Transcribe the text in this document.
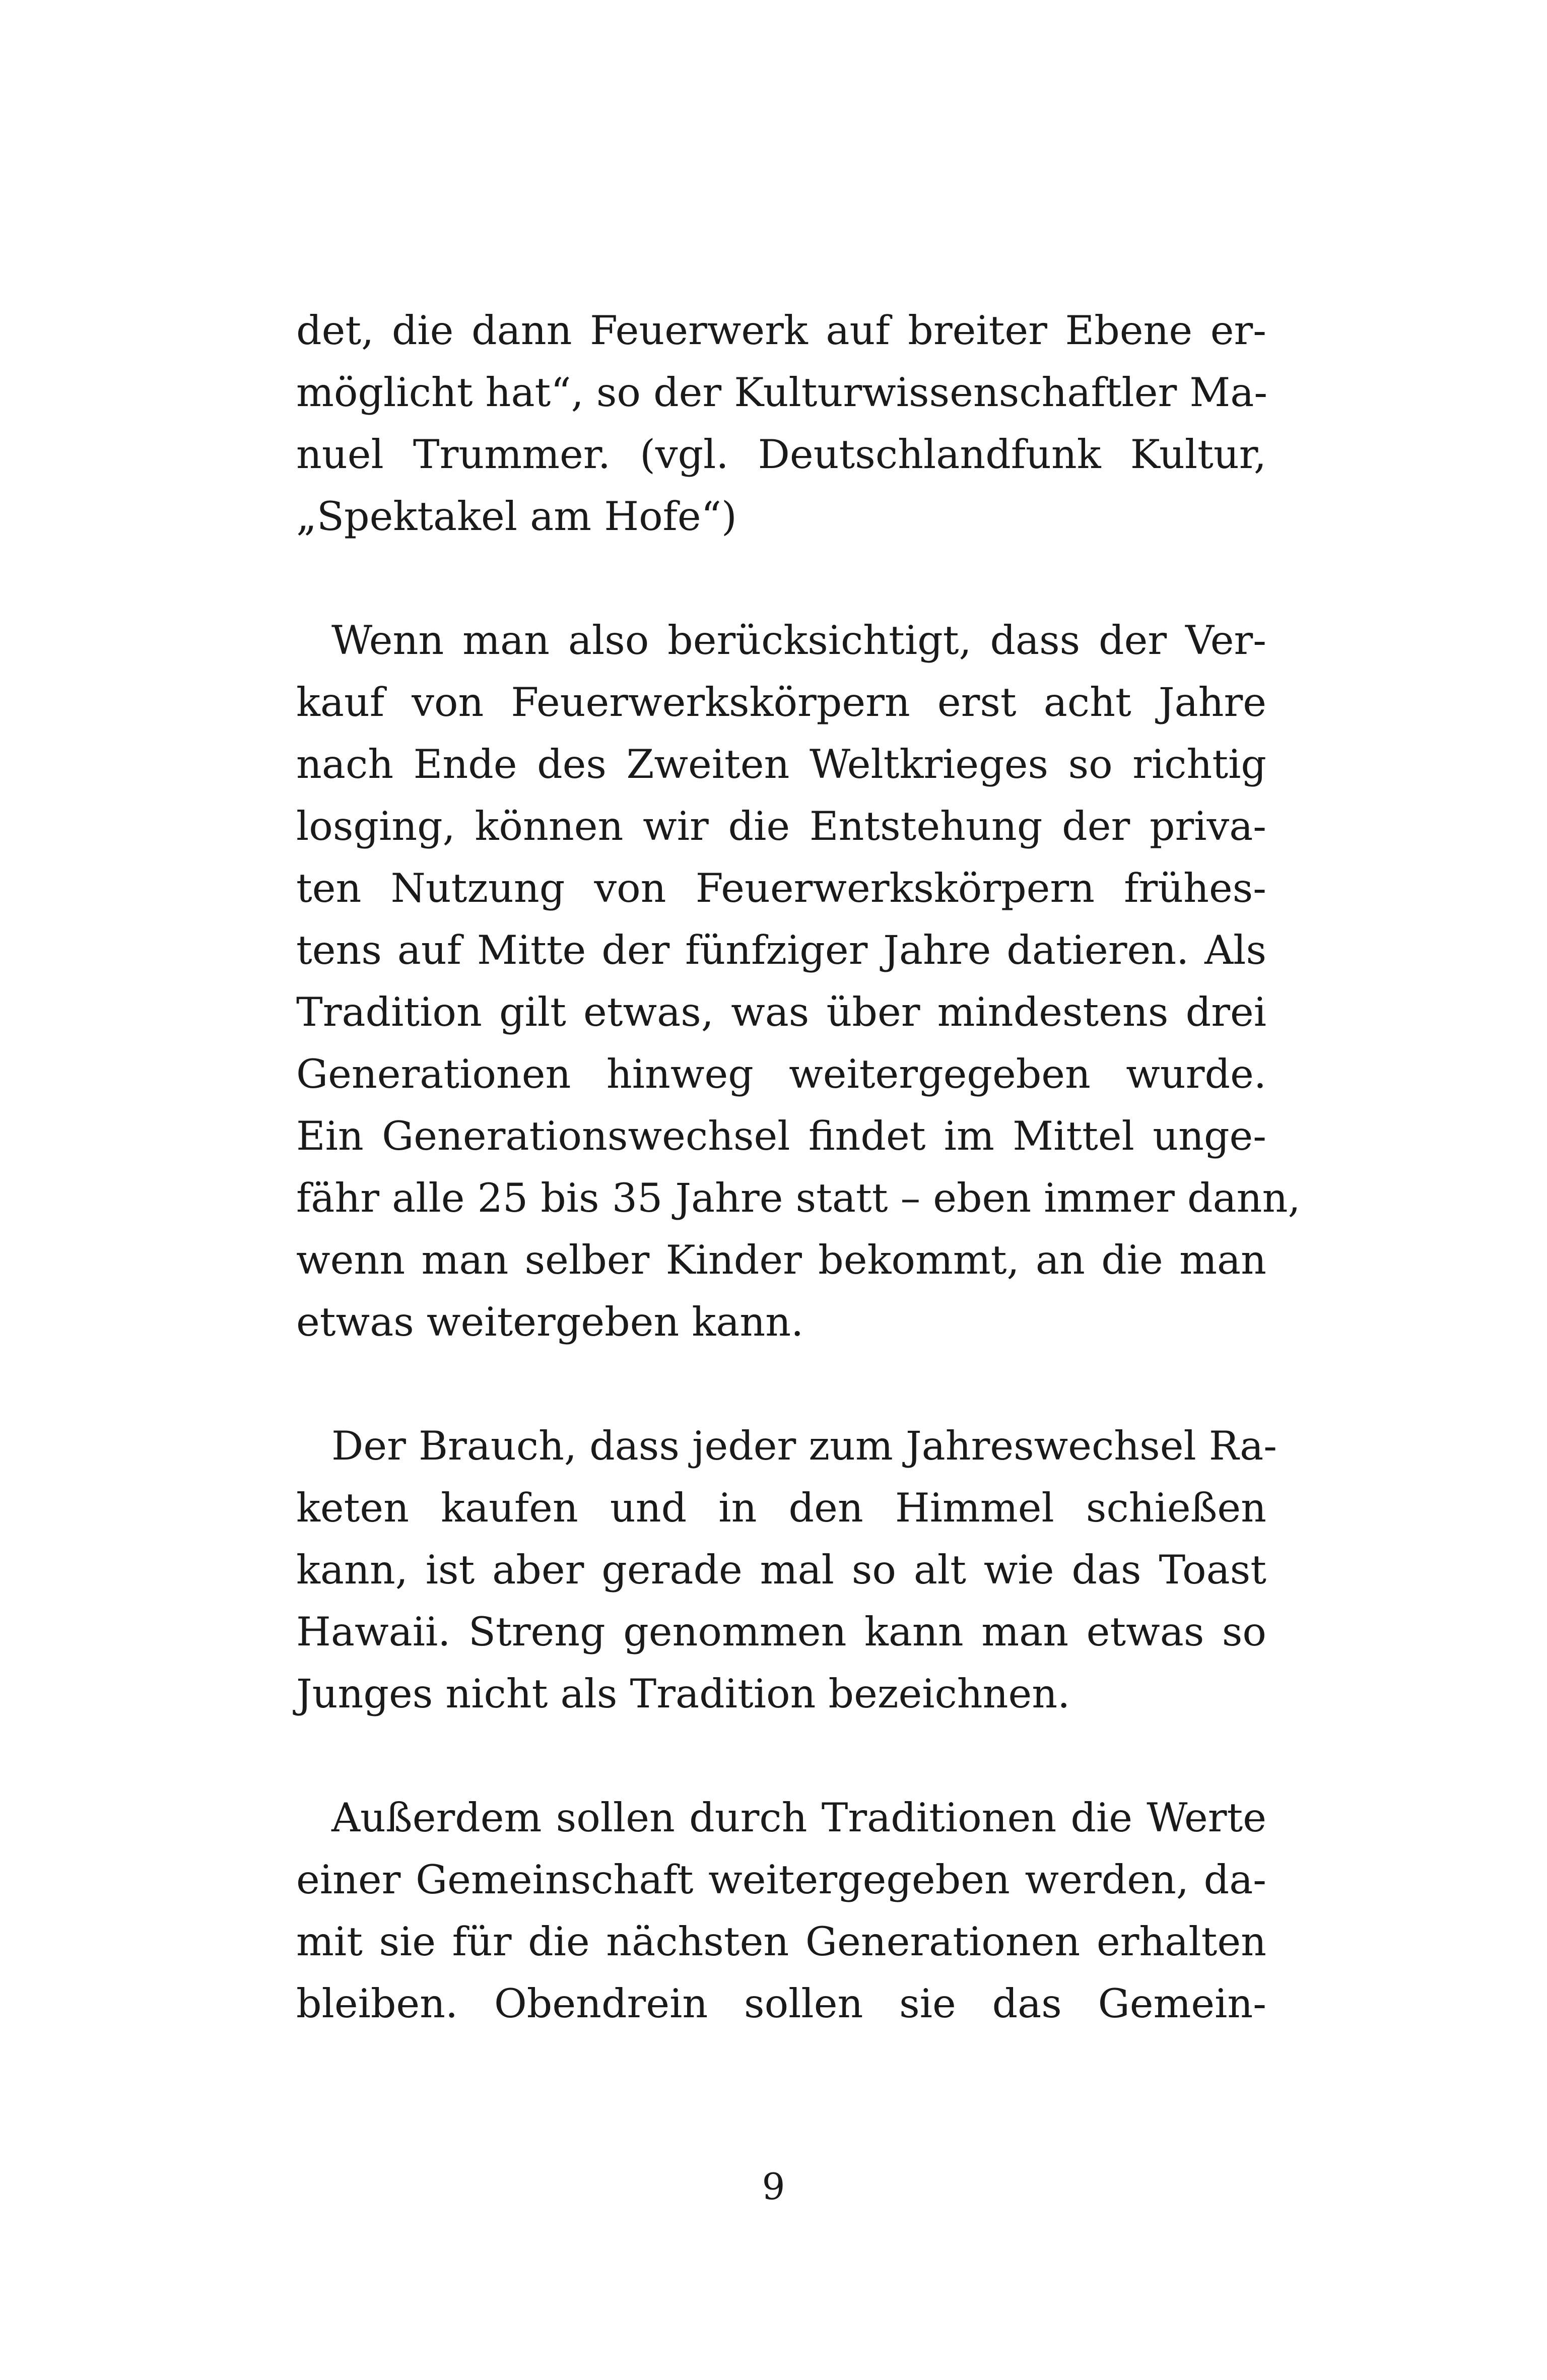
det, die dann Feuerwerk auf breiter Ebene er-
möglicht hat“, so der Kulturwissenschaftler Ma-
nuel Trummer. (vgl. Deutschlandfunk Kultur,
„Spektakel am Hofe“)
Wenn man also berücksichtigt, dass der Ver-
kauf von Feuerwerkskörpern erst acht Jahre
nach Ende des Zweiten Weltkrieges so richtig
losging, können wir die Entstehung der priva-
ten Nutzung von Feuerwerkskörpern frühes-
tens auf Mitte der fünfziger Jahre datieren. Als
Tradition gilt etwas, was über mindestens drei
Generationen hinweg weitergegeben wurde.
Ein Generationswechsel findet im Mittel unge-
fähr alle 25 bis 35 Jahre statt – eben immer dann,
wenn man selber Kinder bekommt, an die man
etwas weitergeben kann.
Der Brauch, dass jeder zum Jahreswechsel Ra-
keten kaufen und in den Himmel schießen
kann, ist aber gerade mal so alt wie das Toast
Hawaii. Streng genommen kann man etwas so
Junges nicht als Tradition bezeichnen.
Außerdem sollen durch Traditionen die Werte
einer Gemeinschaft weitergegeben werden, da-
mit sie für die nächsten Generationen erhalten
bleiben. Obendrein sollen sie das Gemein-
9
